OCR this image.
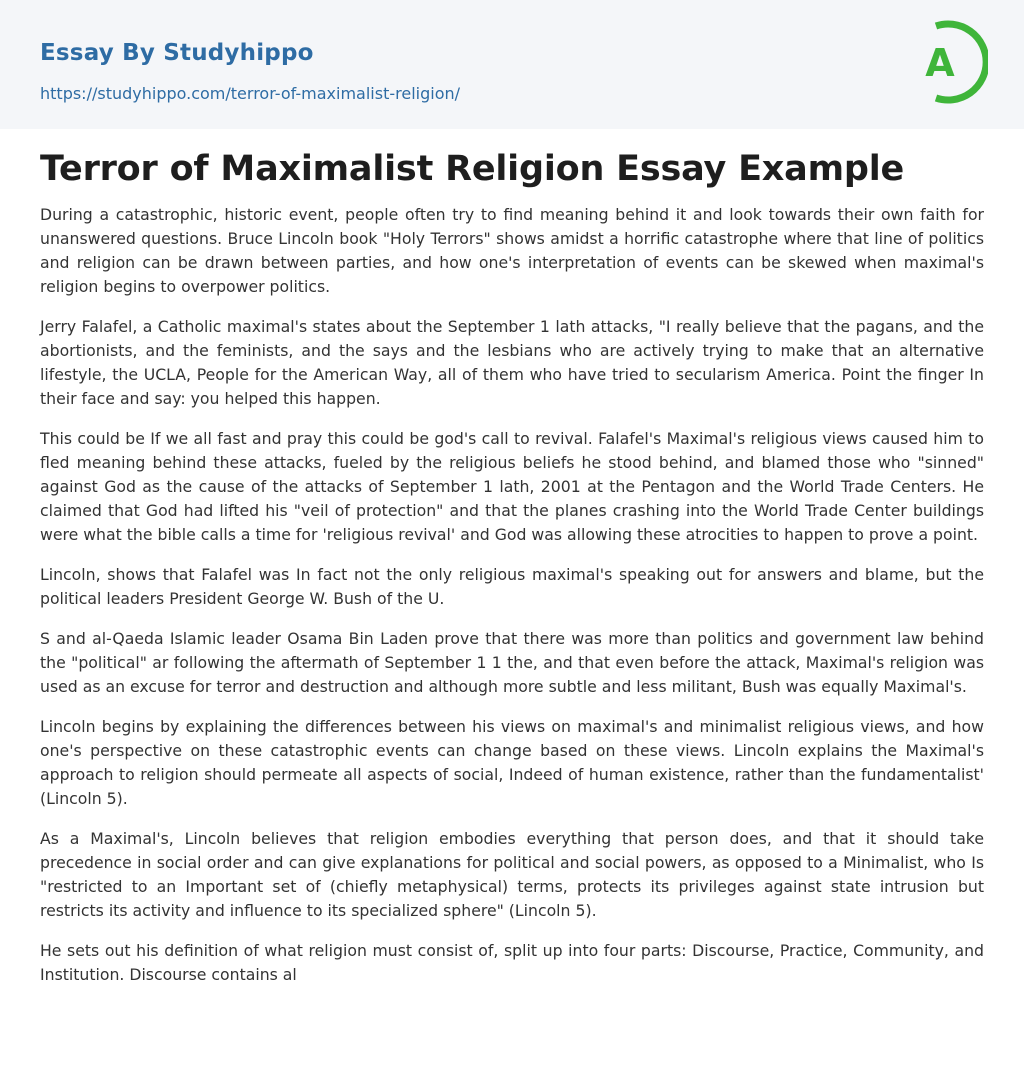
Essay By Studyhippo
https://studyhippo.com/terror-of-maximalist-religion/
A
Terror of Maximalist Religion Essay Example

During a catastrophic, historic event, people often try to find meaning behind it and look towards their own faith for unanswered questions. Bruce Lincoln book "Holy Terrors" shows amidst a horrific catastrophe where that line of politics and religion can be drawn between parties, and how one's interpretation of events can be skewed when maximal's religion begins to overpower politics.

Jerry Falafel, a Catholic maximal's states about the September 1 lath attacks, "I really believe that the pagans, and the abortionists, and the feminists, and the says and the lesbians who are actively trying to make that an alternative lifestyle, the UCLA, People for the American Way, all of them who have tried to secularism America. Point the finger In their face and say: you helped this happen.

This could be If we all fast and pray this could be god's call to revival. Falafel's Maximal's religious views caused him to fled meaning behind these attacks, fueled by the religious beliefs he stood behind, and blamed those who "sinned" against God as the cause of the attacks of September 1 lath, 2001 at the Pentagon and the World Trade Centers. He claimed that God had lifted his "veil of protection" and that the planes crashing into the World Trade Center buildings were what the bible calls a time for 'religious revival' and God was allowing these atrocities to happen to prove a point.

Lincoln, shows that Falafel was In fact not the only religious maximal's speaking out for answers and blame, but the political leaders President George W. Bush of the U.

S and al-Qaeda Islamic leader Osama Bin Laden prove that there was more than politics and government law behind the "political" ar following the aftermath of September 1 1 the, and that even before the attack, Maximal's religion was used as an excuse for terror and destruction and although more subtle and less militant, Bush was equally Maximal's.

Lincoln begins by explaining the differences between his views on maximal's and minimalist religious views, and how one's perspective on these catastrophic events can change based on these views. Lincoln explains the Maximal's approach to religion should permeate all aspects of social, Indeed of human existence, rather than the fundamentalist' (Lincoln 5).

As a Maximal's, Lincoln believes that religion embodies everything that person does, and that it should take precedence in social order and can give explanations for political and social powers, as opposed to a Minimalist, who Is "restricted to an Important set of (chiefly metaphysical) terms, protects its privileges against state intrusion but restricts its activity and influence to its specialized sphere" (Lincoln 5).

He sets out his definition of what religion must consist of, split up into four parts: Discourse, Practice, Community, and Institution. Discourse contains al
